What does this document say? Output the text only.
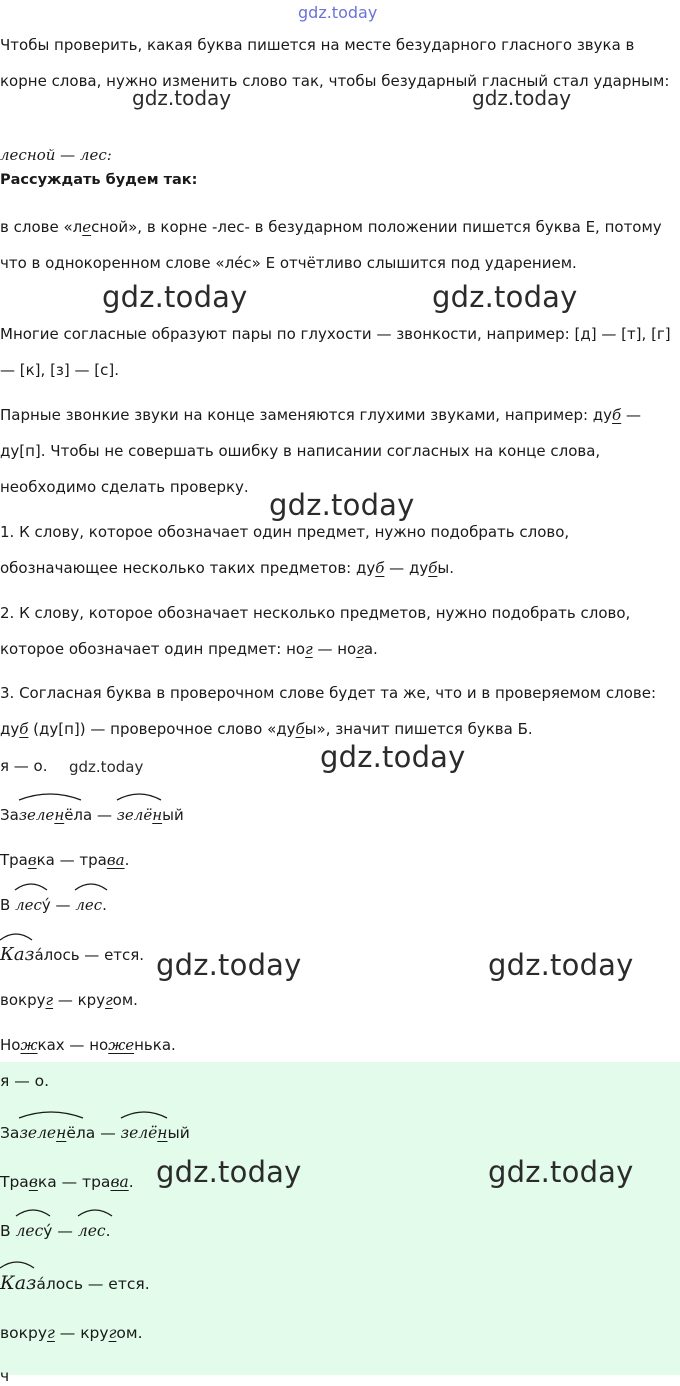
gdz.today
Чтобы проверить, какая буква пишется на месте безударного гласного звука в корне слова, нужно изменить слово так, чтобы безударный гласный стал ударным:
лесной — лес:
Рассуждать будем так:
в слове «лесной», в корне -лес- в безударном положении пишется буква Е, потому что в однокоренном слове «ле́с» Е отчётливо слышится под ударением.
Многие согласные образуют пары по глухости — звонкости, например: [д] — [т], [г] — [к], [з] — [с].
Парные звонкие звуки на конце заменяются глухими звуками, например: дуб — ду[п]. Чтобы не совершать ошибку в написании согласных на конце слова, необходимо сделать проверку.
1. К слову, которое обозначает один предмет, нужно подобрать слово, обозначающее несколько таких предметов: дуб — дубы.
2. К слову, которое обозначает несколько предметов, нужно подобрать слово, которое обозначает один предмет: ног — нога.
3. Согласная буква в проверочном слове будет та же, что и в проверяемом слове: дуб (ду[п]) — проверочное слово «дубы», значит пишется буква Б.
я — о.
За
зеленёла —
зелёный
Травка — трава.
В
лесу́ —
лес.
Каза́лось — ется.
вокруг — кругом.
Ножках — ноженька.
я — о.
За
зеленёла —
зелёный
Травка — трава.
В
лесу́ —
лес.
Каза́лось — ется.
вокруг — кругом.
ч
gdz.today	gdz.today
gdz.today	gdz.today
gdz.today
gdz.today	gdz.today
gdz.today	gdz.today
gdz.today	gdz.today
